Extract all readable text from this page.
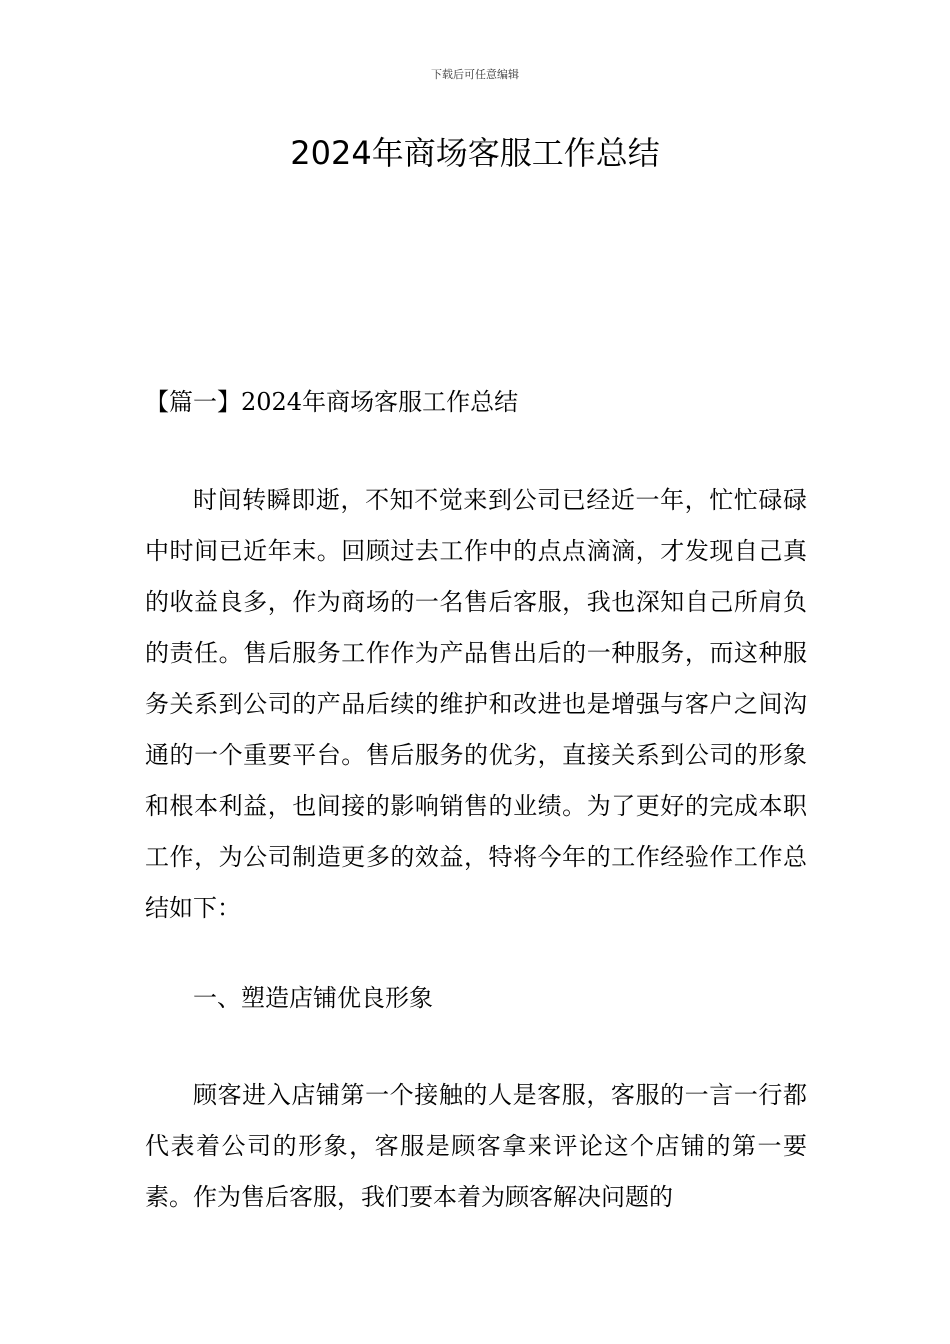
下载后可任意编辑
2024年商场客服工作总结

【篇一】2024年商场客服工作总结

时间转瞬即逝，不知不觉来到公司已经近一年，忙忙碌碌中时间已近年末。回顾过去工作中的点点滴滴，才发现自己真的收益良多，作为商场的一名售后客服，我也深知自己所肩负的责任。售后服务工作作为产品售出后的一种服务，而这种服务关系到公司的产品后续的维护和改进也是增强与客户之间沟通的一个重要平台。售后服务的优劣，直接关系到公司的形象和根本利益，也间接的影响销售的业绩。为了更好的完成本职工作，为公司制造更多的效益，特将今年的工作经验作工作总结如下：

一、塑造店铺优良形象

顾客进入店铺第一个接触的人是客服，客服的一言一行都代表着公司的形象，客服是顾客拿来评论这个店铺的第一要素。作为售后客服，我们要本着为顾客解决问题的
